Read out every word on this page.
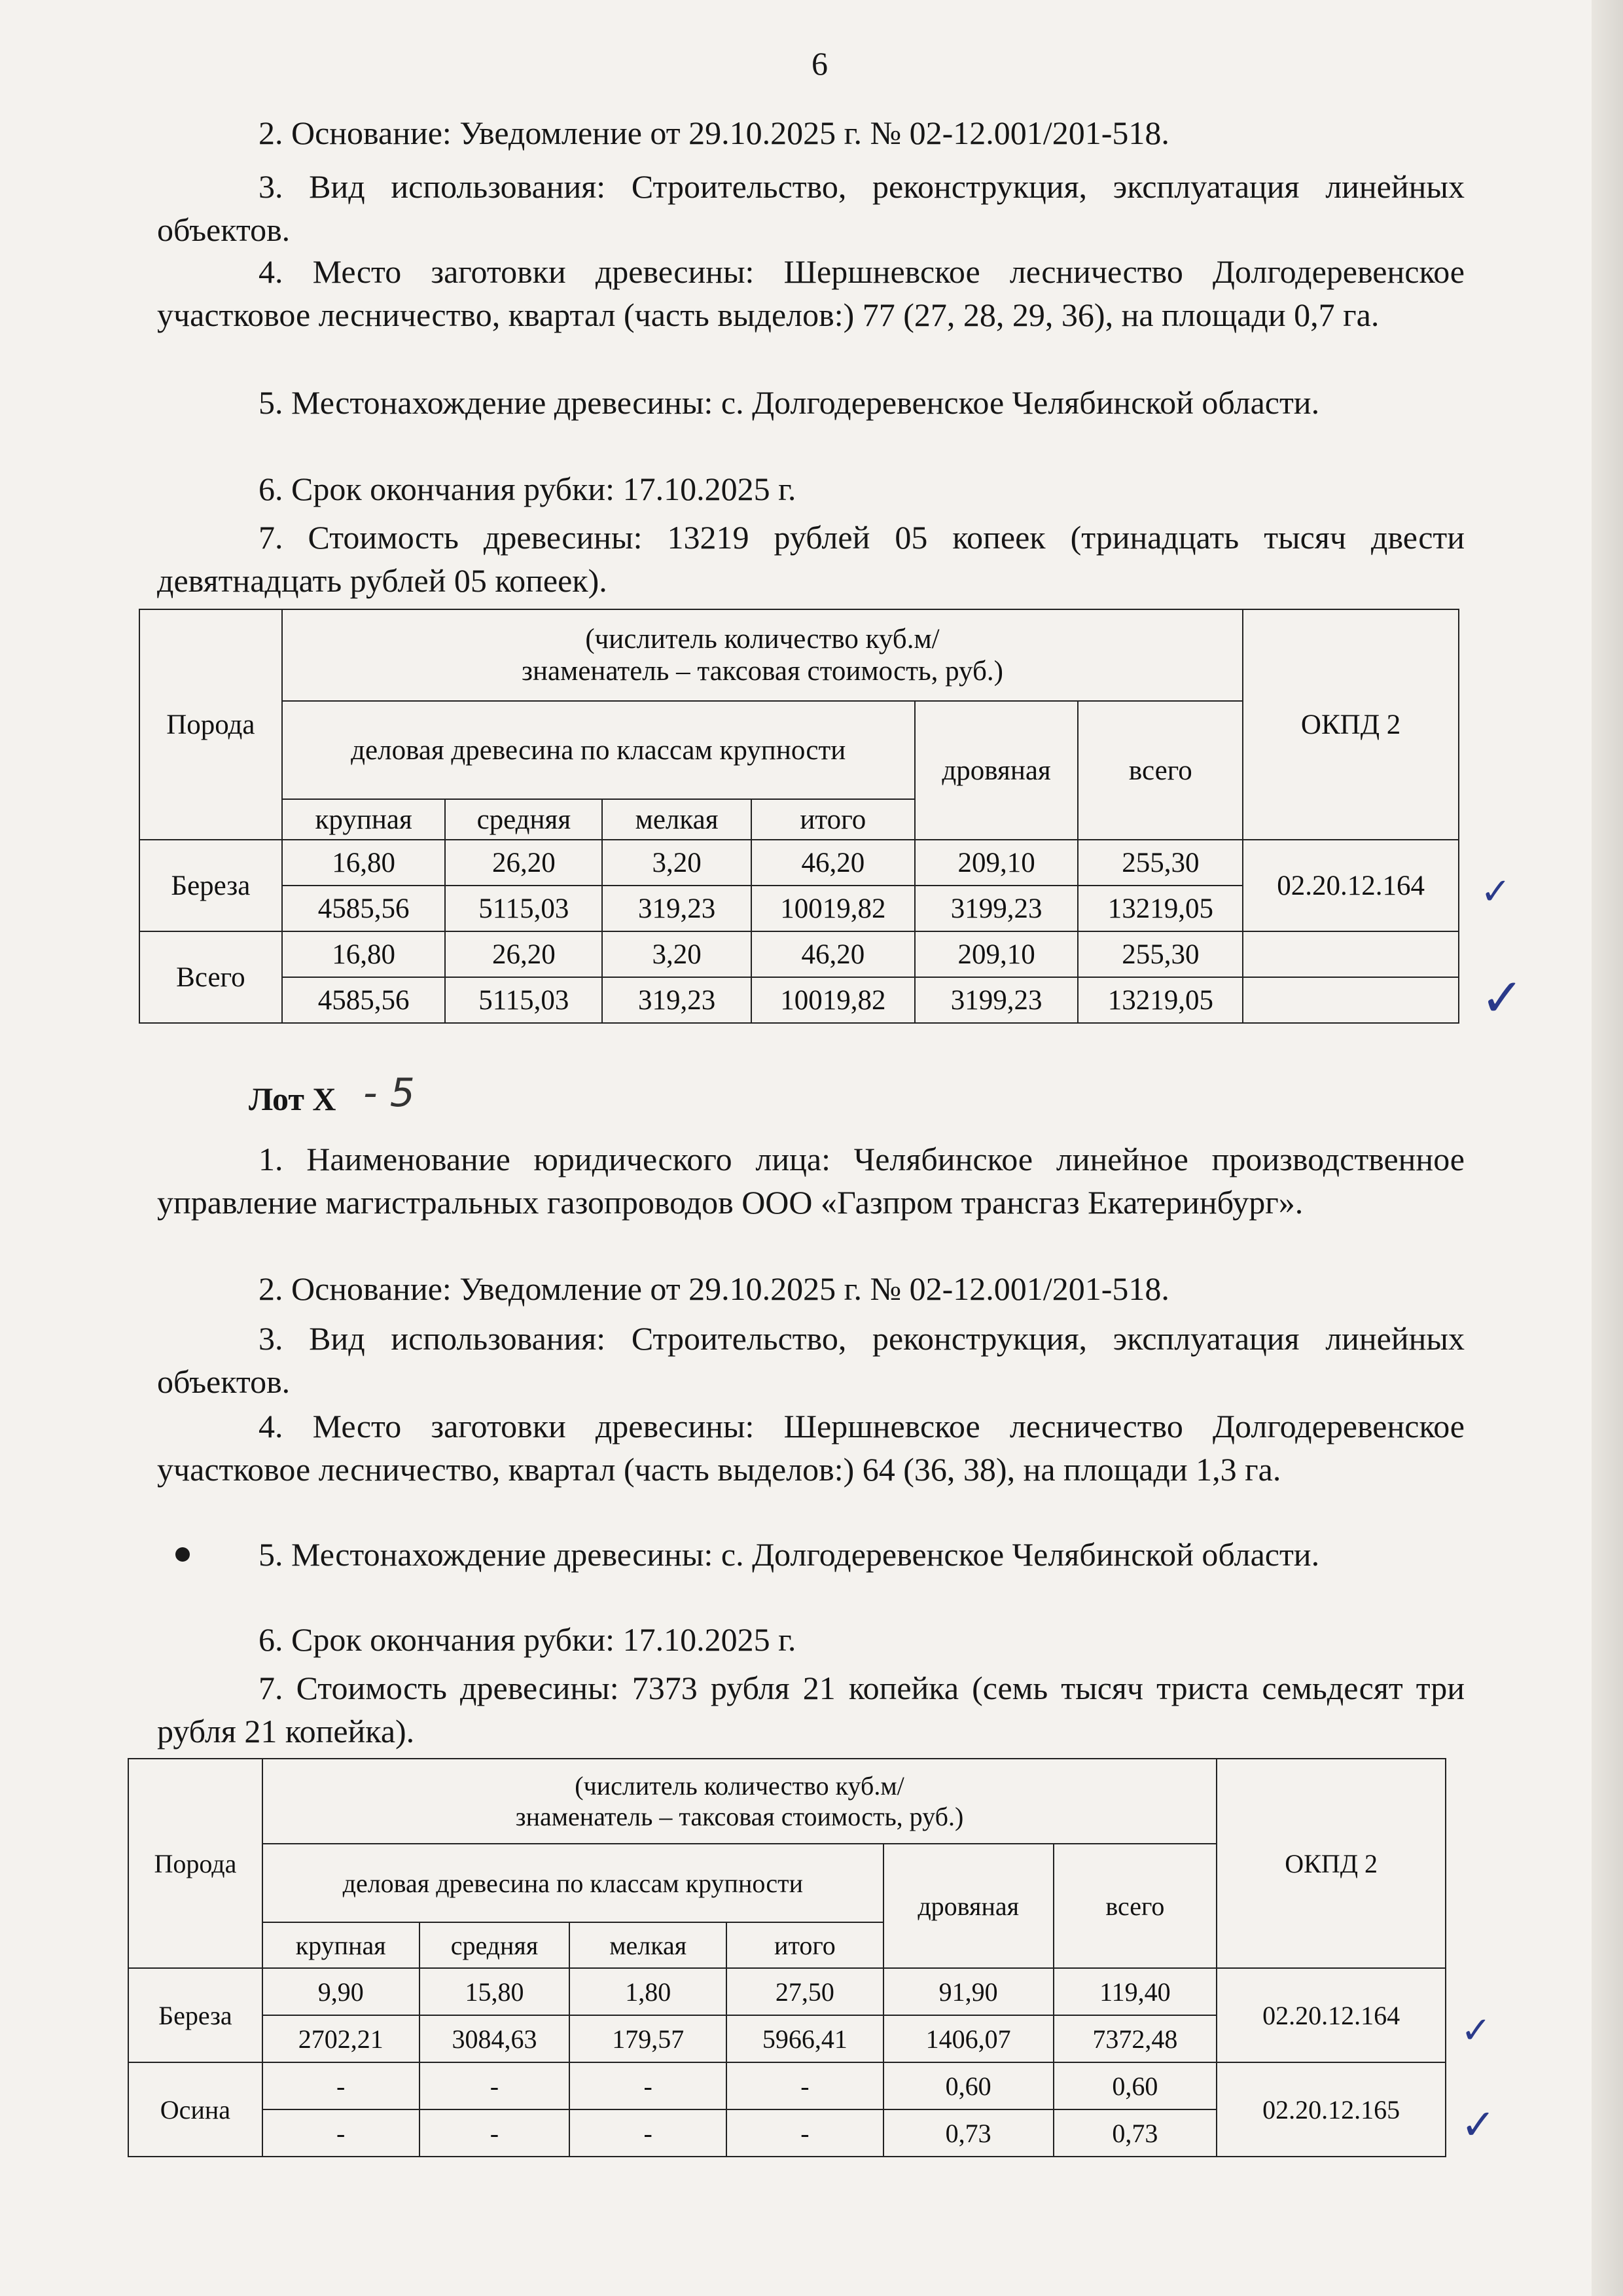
6

2. Основание: Уведомление от 29.10.2025 г. № 02-12.001/201-518.

3. Вид использования: Строительство, реконструкция, эксплуатация линейных объектов.

4. Место заготовки древесины: Шершневское лесничество Долгодеревенское участковое лесничество, квартал (часть выделов:) 77 (27, 28, 29, 36), на площади 0,7 га.

5. Местонахождение древесины: с. Долгодеревенское Челябинской области.

6. Срок окончания рубки: 17.10.2025 г.

7. Стоимость древесины: 13219 рублей 05 копеек (тринадцать тысяч двести девятнадцать рублей 05 копеек).

Порода	(числитель количество куб.м/
знаменатель – таксовая стоимость, руб.)						ОКПД 2
	деловая древесина по классам крупности				дровяная	всего	
	крупная	средняя	мелкая	итого			
Береза	16,80	26,20	3,20	46,20	209,10	255,30	02.20.12.164
	4585,56	5115,03	319,23	10019,82	3199,23	13219,05	
Всего	16,80	26,20	3,20	46,20	209,10	255,30	
	4585,56	5115,03	319,23	10019,82	3199,23	13219,05	
✓
✓
Лот X - 5

1. Наименование юридического лица: Челябинское линейное производственное управление магистральных газопроводов ООО «Газпром трансгаз Екатеринбург».

2. Основание: Уведомление от 29.10.2025 г. № 02-12.001/201-518.

3. Вид использования: Строительство, реконструкция, эксплуатация линейных объектов.

4. Место заготовки древесины: Шершневское лесничество Долгодеревенское участковое лесничество, квартал (часть выделов:) 64 (36, 38), на площади 1,3 га.

5. Местонахождение древесины: с. Долгодеревенское Челябинской области.

6. Срок окончания рубки: 17.10.2025 г.

7. Стоимость древесины: 7373 рубля 21 копейка (семь тысяч триста семьдесят три рубля 21 копейка).

Порода	(числитель количество куб.м/
знаменатель – таксовая стоимость, руб.)						ОКПД 2
	деловая древесина по классам крупности				дровяная	всего	
	крупная	средняя	мелкая	итого			
Береза	9,90	15,80	1,80	27,50	91,90	119,40	02.20.12.164
	2702,21	3084,63	179,57	5966,41	1406,07	7372,48	
Осина	-	-	-	-	0,60	0,60	02.20.12.165
	-	-	-	-	0,73	0,73	
✓
✓
